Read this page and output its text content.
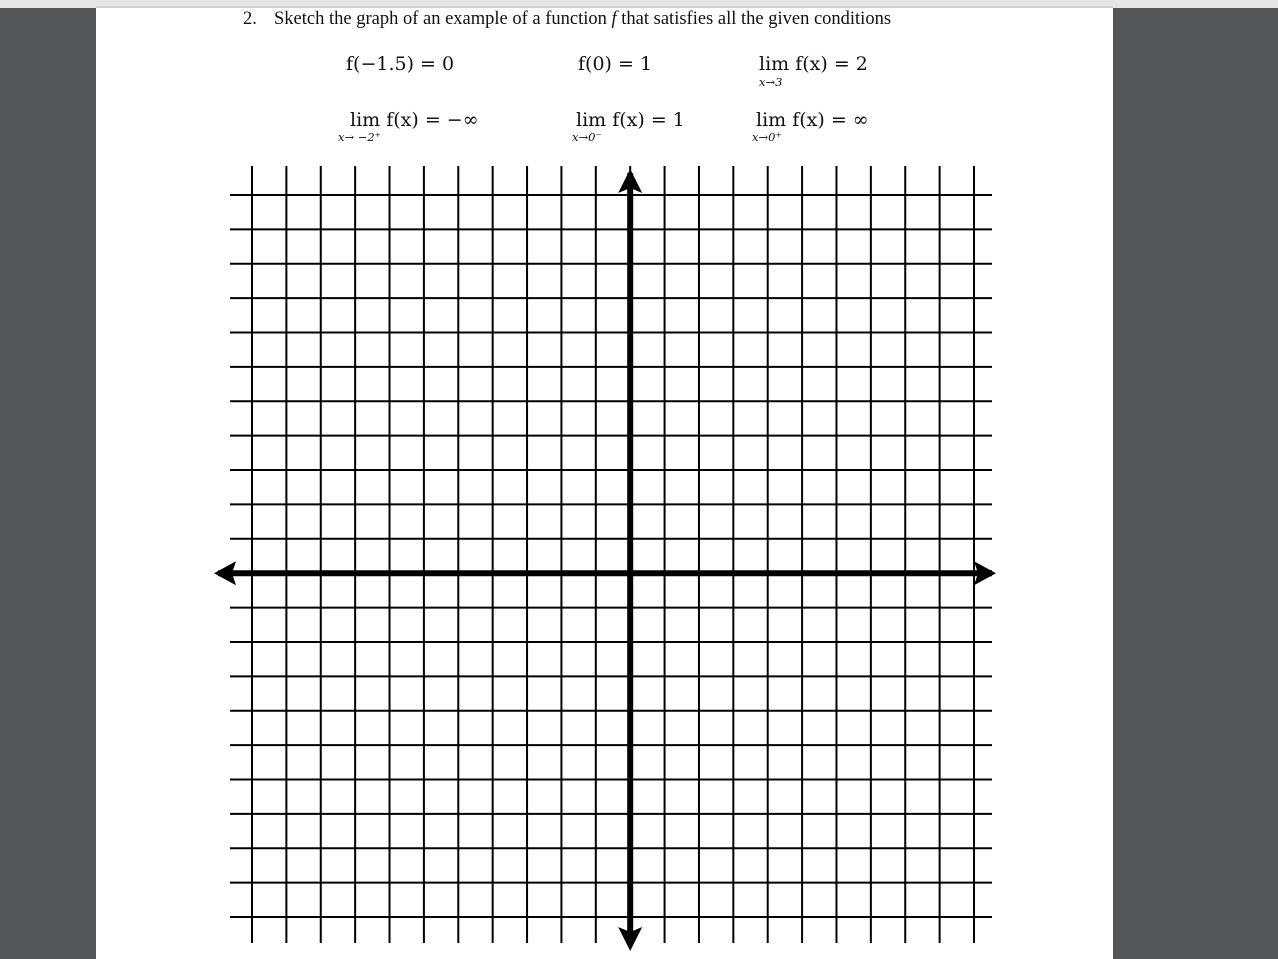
2. Sketch the graph of an example of a function f that satisfies all the given conditions
f(−1.5) = 0	f(0) = 1	lim f(x) = 2
x→3
lim f(x) = −∞
x→ −2⁺
lim f(x) = 1
x→0⁻
lim f(x) = ∞
x→0⁺
